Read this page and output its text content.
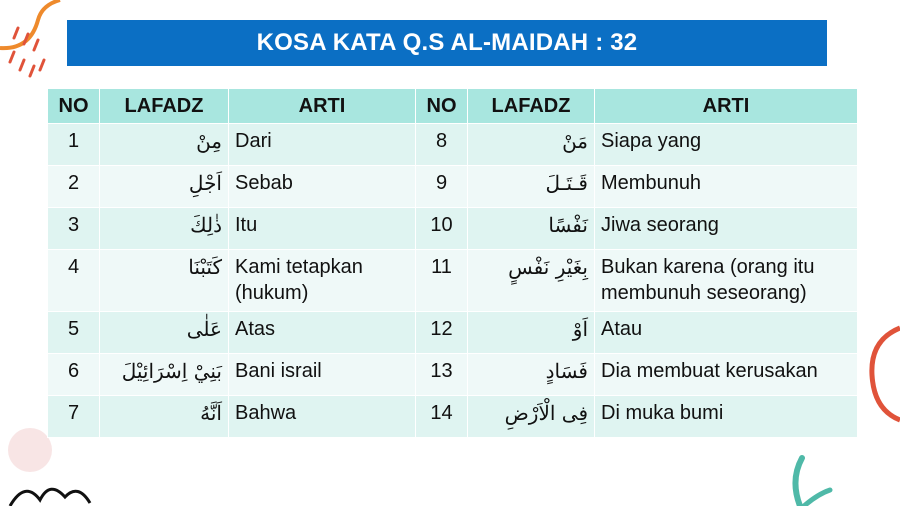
KOSA KATA Q.S AL-MAIDAH : 32
NO	LAFADZ	ARTI	NO	LAFADZ	ARTI
1	مِنْ	Dari	8	مَنْ	Siapa yang
2	اَجْلِ	Sebab	9	قَـتَـلَ	Membunuh
3	ذٰلِكَ	Itu	10	نَفْسًا	Jiwa seorang
4	كَتَبْنَا	Kami tetapkan (hukum)	11	بِغَيْرِ نَفْسٍ	Bukan karena (orang itu membunuh seseorang)
5	عَلٰى	Atas	12	اَوْ	Atau
6	بَنِيْ اِسْرَائِيْلَ	Bani israil	13	فَسَادٍ	Dia membuat kerusakan
7	اَنَّهُ	Bahwa	14	فِى الْاَرْضِ	Di muka bumi
